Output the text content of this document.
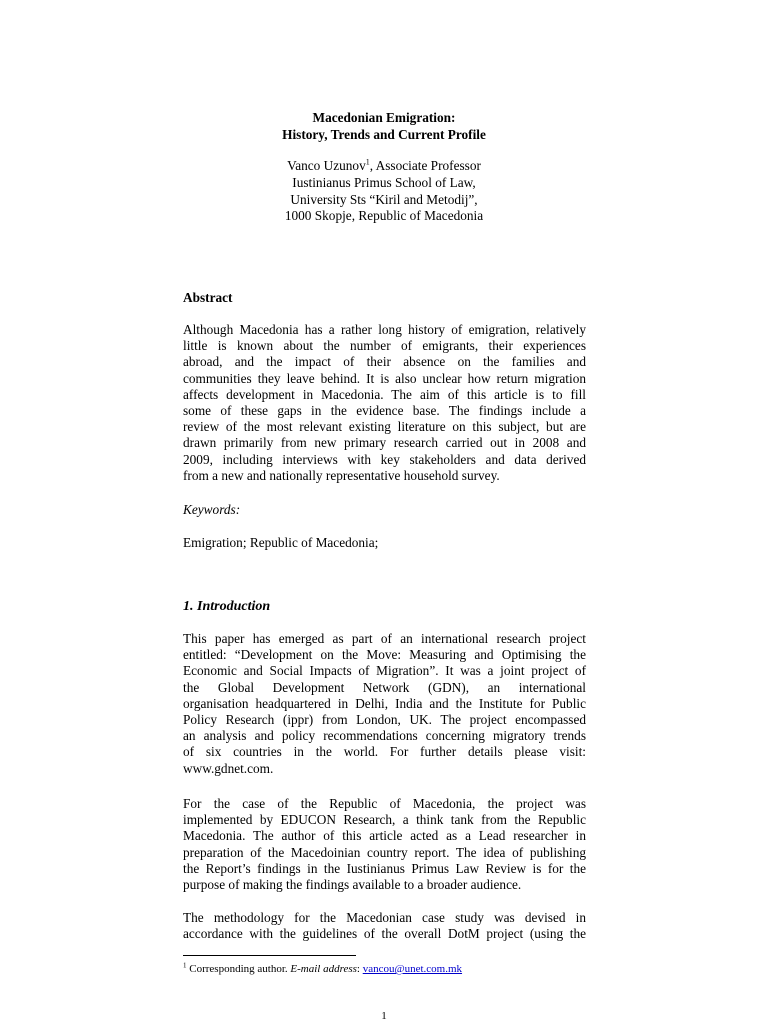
Macedonian Emigration:
History, Trends and Current Profile
Vanco Uzunov$^1$, Associate Professor
Iustinianus Primus School of Law,
University Sts “Kiril and Metodij”,
1000 Skopje, Republic of Macedonia
Abstract
Although Macedonia has a rather long history of emigration, relatively
little is known about the number of emigrants, their experiences
abroad, and the impact of their absence on the families and
communities they leave behind. It is also unclear how return migration
affects development in Macedonia. The aim of this article is to fill
some of these gaps in the evidence base. The findings include a
review of the most relevant existing literature on this subject, but are
drawn primarily from new primary research carried out in 2008 and
2009, including interviews with key stakeholders and data derived
from a new and nationally representative household survey.
Keywords:
Emigration; Republic of Macedonia;
1. Introduction
This paper has emerged as part of an international research project
entitled: “Development on the Move: Measuring and Optimising the
Economic and Social Impacts of Migration”. It was a joint project of
the Global Development Network (GDN), an international
organisation headquartered in Delhi, India and the Institute for Public
Policy Research (ippr) from London, UK. The project encompassed
an analysis and policy recommendations concerning migratory trends
of six countries in the world. For further details please visit:
www.gdnet.com.
For the case of the Republic of Macedonia, the project was
implemented by EDUCON Research, a think tank from the Republic
Macedonia. The author of this article acted as a Lead researcher in
preparation of the Macedoinian country report. The idea of publishing
the Report’s findings in the Iustinianus Primus Law Review is for the
purpose of making the findings available to a broader audience.
The methodology for the Macedonian case study was devised in
accordance with the guidelines of the overall DotM project (using the
$^1$ Corresponding author. E-mail address: vancou@unet.com.mk
1
